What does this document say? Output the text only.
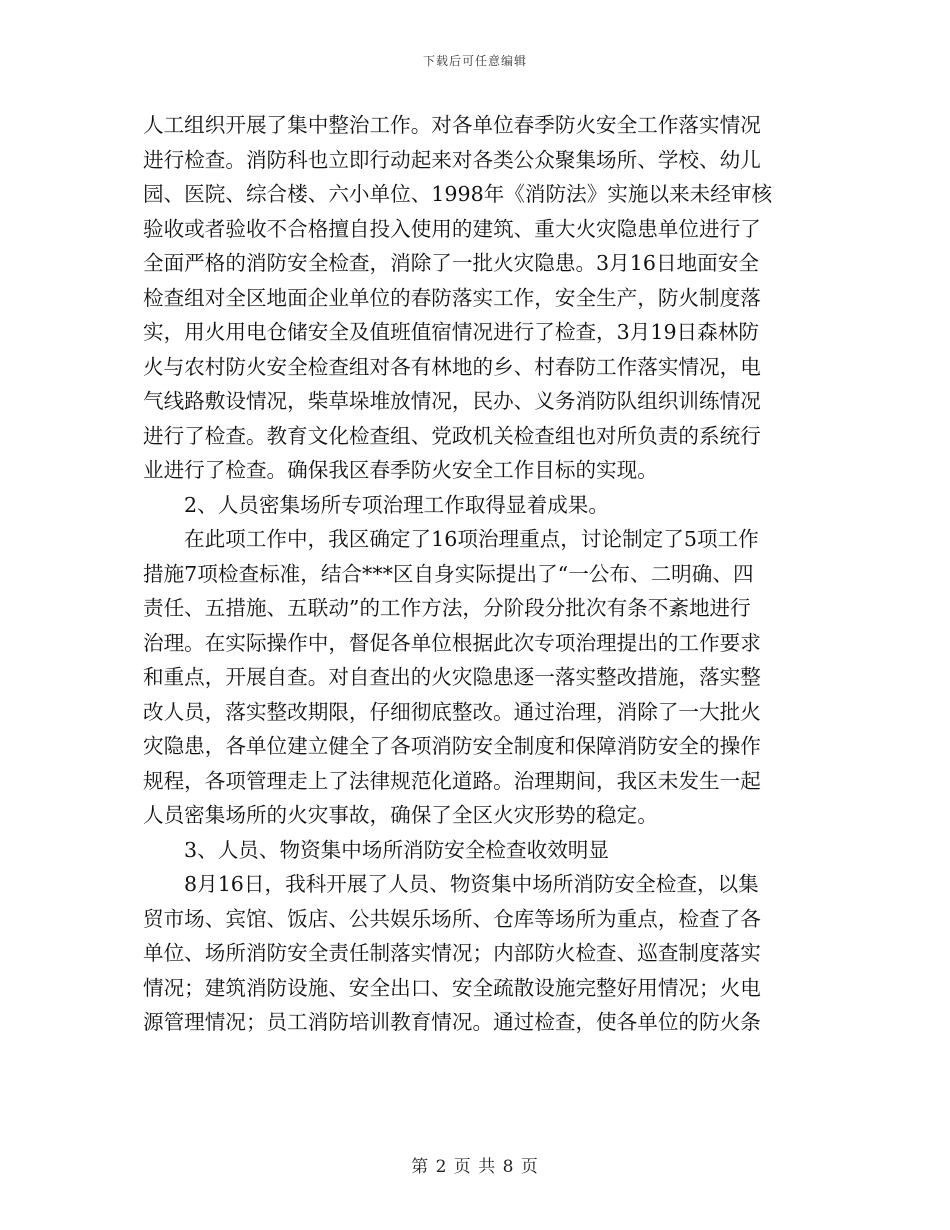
下载后可任意编辑
人工组织开展了集中整治工作。对各单位春季防火安全工作落实情况
进行检查。消防科也立即行动起来对各类公众聚集场所、学校、幼儿
园、医院、综合楼、六小单位、1998年《消防法》实施以来未经审核
验收或者验收不合格擅自投入使用的建筑、重大火灾隐患单位进行了
全面严格的消防安全检查，消除了一批火灾隐患。3月16日地面安全
检查组对全区地面企业单位的春防落实工作，安全生产，防火制度落
实，用火用电仓储安全及值班值宿情况进行了检查，3月19日森林防
火与农村防火安全检查组对各有林地的乡、村春防工作落实情况，电
气线路敷设情况，柴草垛堆放情况，民办、义务消防队组织训练情况
进行了检查。教育文化检查组、党政机关检查组也对所负责的系统行
业进行了检查。确保我区春季防火安全工作目标的实现。
2、人员密集场所专项治理工作取得显着成果。
在此项工作中，我区确定了16项治理重点，讨论制定了5项工作
措施7项检查标准，结合***区自身实际提出了“一公布、二明确、四
责任、五措施、五联动”的工作方法，分阶段分批次有条不紊地进行
治理。在实际操作中，督促各单位根据此次专项治理提出的工作要求
和重点，开展自查。对自查出的火灾隐患逐一落实整改措施，落实整
改人员，落实整改期限，仔细彻底整改。通过治理，消除了一大批火
灾隐患，各单位建立健全了各项消防安全制度和保障消防安全的操作
规程，各项管理走上了法律规范化道路。治理期间，我区未发生一起
人员密集场所的火灾事故，确保了全区火灾形势的稳定。
3、人员、物资集中场所消防安全检查收效明显
8月16日，我科开展了人员、物资集中场所消防安全检查，以集
贸市场、宾馆、饭店、公共娱乐场所、仓库等场所为重点，检查了各
单位、场所消防安全责任制落实情况；内部防火检查、巡查制度落实
情况；建筑消防设施、安全出口、安全疏散设施完整好用情况；火电
源管理情况；员工消防培训教育情况。通过检查，使各单位的防火条
第 2 页 共 8 页
